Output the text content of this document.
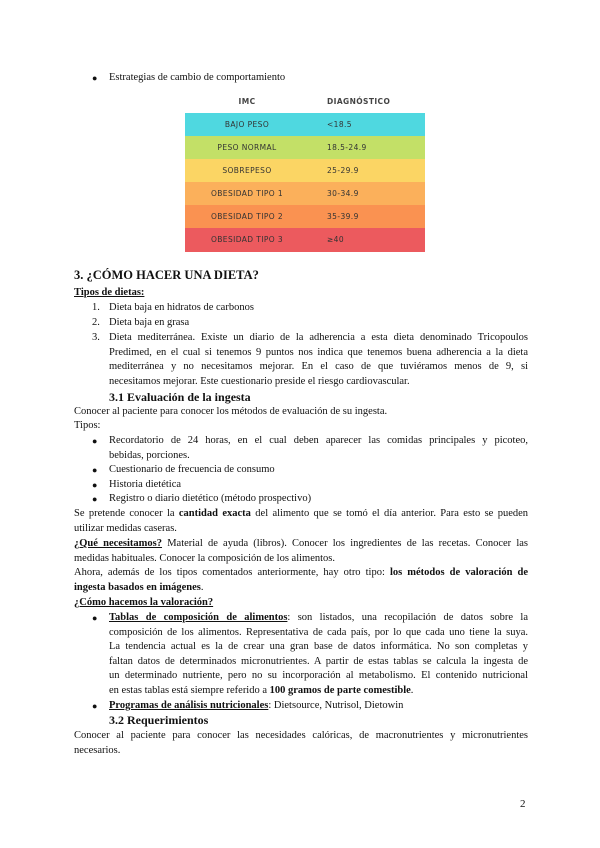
● Estrategias de cambio de comportamiento
IMC	DIAGNÓSTICO
BAJO PESO	<18.5
PESO NORMAL	18.5-24.9
SOBREPESO	25-29.9
OBESIDAD TIPO 1	30-34.9
OBESIDAD TIPO 2	35-39.9
OBESIDAD TIPO 3	≥40
3. ¿CÓMO HACER UNA DIETA?
Tipos de dietas:
1. Dieta baja en hidratos de carbonos
2. Dieta baja en grasa
3. Dieta mediterránea. Existe un diario de la adherencia a esta dieta denominado Tricopoulos
Predimed, en el cual si tenemos 9 puntos nos indica que tenemos buena adherencia a la dieta
mediterránea y no necesitamos mejorar. En el caso de que tuviéramos menos de 9, si
necesitamos mejorar. Este cuestionario preside el riesgo cardiovascular.
3.1 Evaluación de la ingesta
Conocer al paciente para conocer los métodos de evaluación de su ingesta.
Tipos:
● Recordatorio de 24 horas, en el cual deben aparecer las comidas principales y picoteo,
bebidas, porciones.
● Cuestionario de frecuencia de consumo
● Historia dietética
● Registro o diario dietético (método prospectivo)
Se pretende conocer la cantidad exacta del alimento que se tomó el día anterior. Para esto se pueden
utilizar medidas caseras.
¿Qué necesitamos? Material de ayuda (libros). Conocer los ingredientes de las recetas. Conocer las
medidas habituales. Conocer la composición de los alimentos.
Ahora, además de los tipos comentados anteriormente, hay otro tipo: los métodos de valoración de
ingesta basados en imágenes.
¿Cómo hacemos la valoración?
● Tablas de composición de alimentos: son listados, una recopilación de datos sobre la
composición de los alimentos. Representativa de cada país, por lo que cada uno tiene la suya.
La tendencia actual es la de crear una gran base de datos informática. No son completas y
faltan datos de determinados micronutrientes. A partir de estas tablas se calcula la ingesta de
un determinado nutriente, pero no su incorporación al metabolismo. El contenido nutricional
en estas tablas está siempre referido a 100 gramos de parte comestible.
● Programas de análisis nutricionales: Dietsource, Nutrisol, Dietowin
3.2 Requerimientos
Conocer al paciente para conocer las necesidades calóricas, de macronutrientes y micronutrientes
necesarios.
2
